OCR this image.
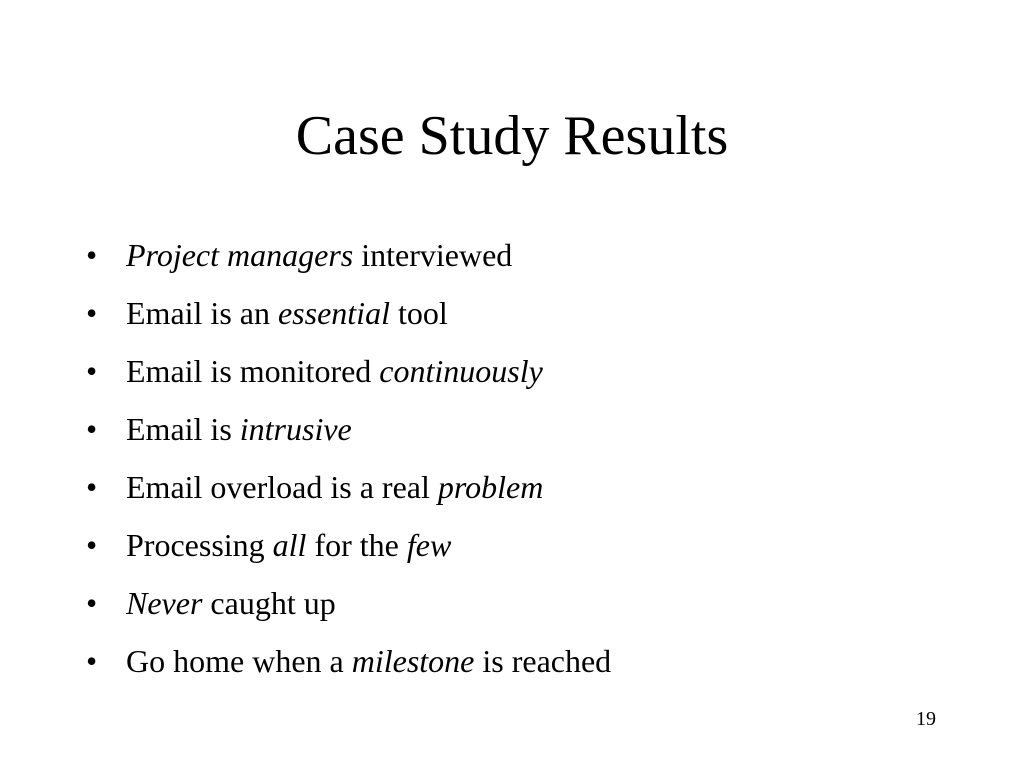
Case Study Results
• Project managers interviewed
• Email is an essential tool
• Email is monitored continuously
• Email is intrusive
• Email overload is a real problem
• Processing all for the few
• Never caught up
• Go home when a milestone is reached
19
